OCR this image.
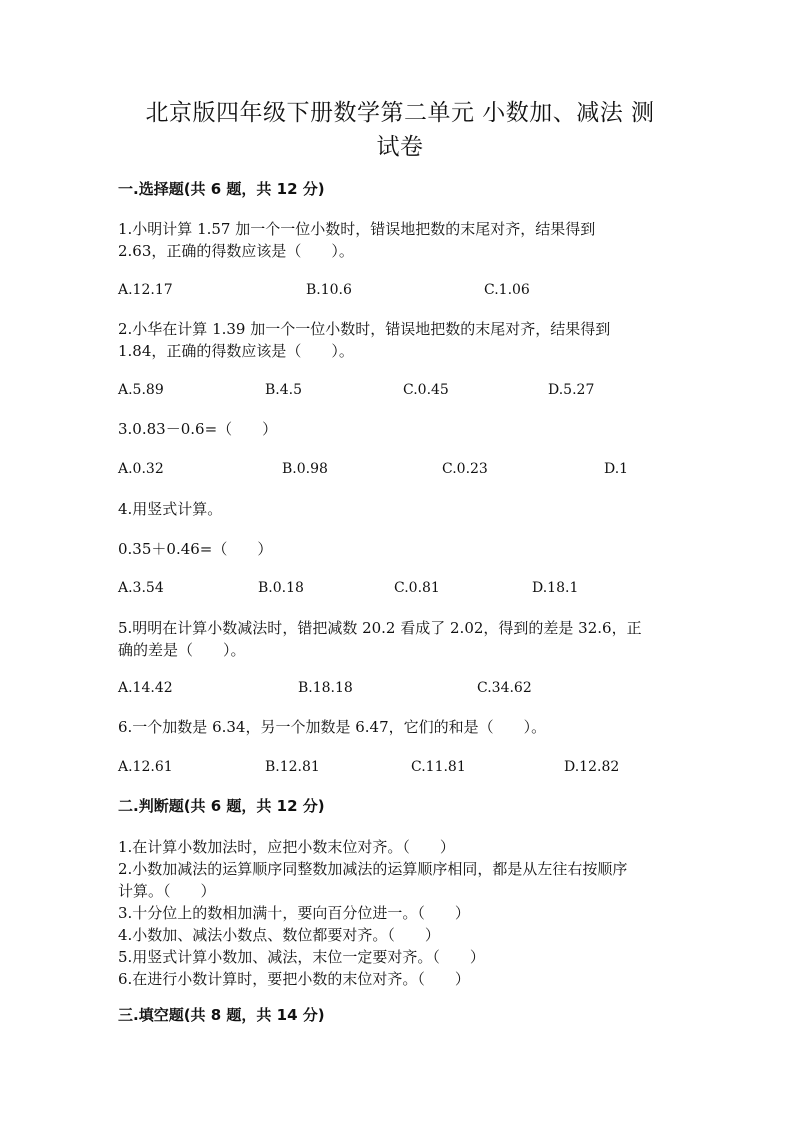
北京版四年级下册数学第二单元 小数加、减法 测
试卷
一.选择题(共 6 题，共 12 分)
1.小明计算 1.57 加一个一位小数时，错误地把数的末尾对齐，结果得到
2.63，正确的得数应该是（　　）。
A.12.17	B.10.6	C.1.06
2.小华在计算 1.39 加一个一位小数时，错误地把数的末尾对齐，结果得到
1.84，正确的得数应该是（　　）。
A.5.89	B.4.5	C.0.45	D.5.27
3.0.83－0.6=（　　）
A.0.32	B.0.98	C.0.23	D.1
4.用竖式计算。
0.35＋0.46=（　　）
A.3.54	B.0.18	C.0.81	D.18.1
5.明明在计算小数减法时，错把减数 20.2 看成了 2.02，得到的差是 32.6，正
确的差是（　　）。
A.14.42	B.18.18	C.34.62
6.一个加数是 6.34，另一个加数是 6.47，它们的和是（　　）。
A.12.61	B.12.81	C.11.81	D.12.82
二.判断题(共 6 题，共 12 分)
1.在计算小数加法时，应把小数末位对齐。（　　）
2.小数加减法的运算顺序同整数加减法的运算顺序相同，都是从左往右按顺序
计算。（　　）
3.十分位上的数相加满十，要向百分位进一。（　　）
4.小数加、减法小数点、数位都要对齐。（　　）
5.用竖式计算小数加、减法，末位一定要对齐。（　　）
6.在进行小数计算时，要把小数的末位对齐。（　　）
三.填空题(共 8 题，共 14 分)
